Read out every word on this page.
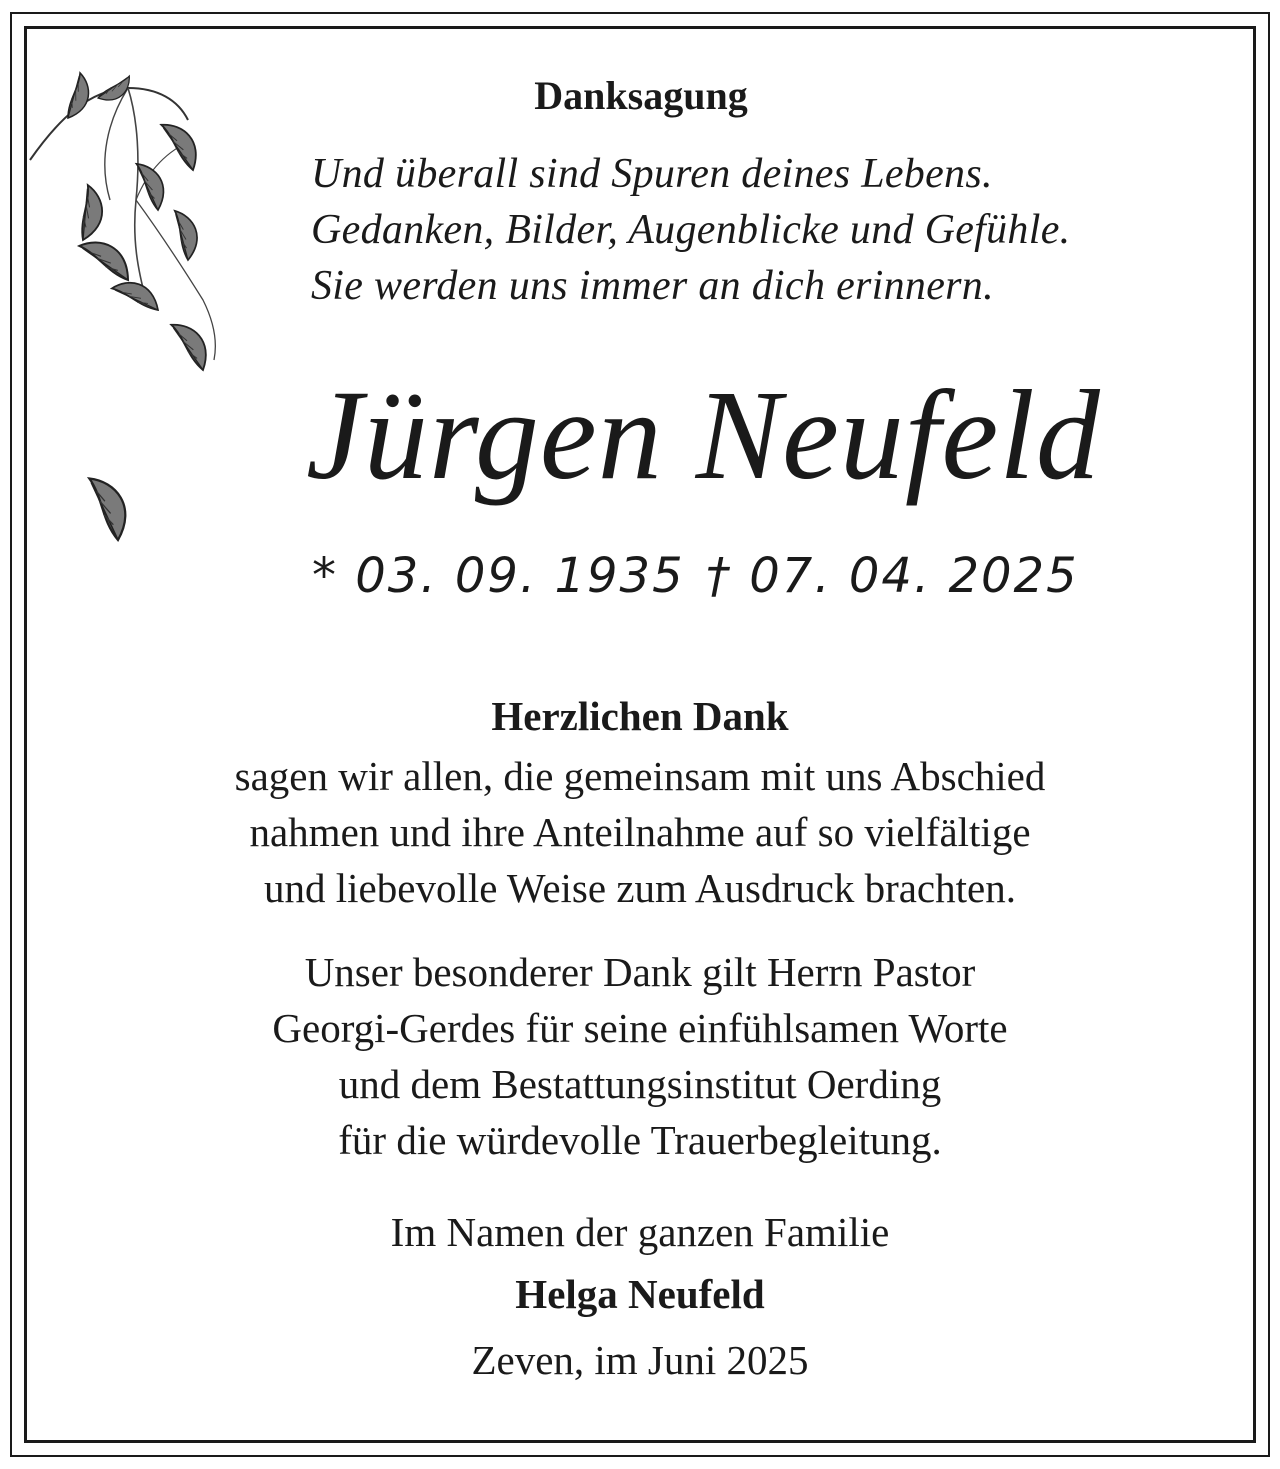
Danksagung

Und überall sind Spuren deines Lebens.

Gedanken, Bilder, Augenblicke und Gefühle.

Sie werden uns immer an dich erinnern.

Jürgen Neufeld

* 03. 09. 1935 † 07. 04. 2025

Herzlichen Dank

sagen wir allen, die gemeinsam mit uns Abschied

nahmen und ihre Anteilnahme auf so vielfältige

und liebevolle Weise zum Ausdruck brachten.

Unser besonderer Dank gilt Herrn Pastor

Georgi-Gerdes für seine einfühlsamen Worte

und dem Bestattungsinstitut Oerding

für die würdevolle Trauerbegleitung.

Im Namen der ganzen Familie

Helga Neufeld

Zeven, im Juni 2025
